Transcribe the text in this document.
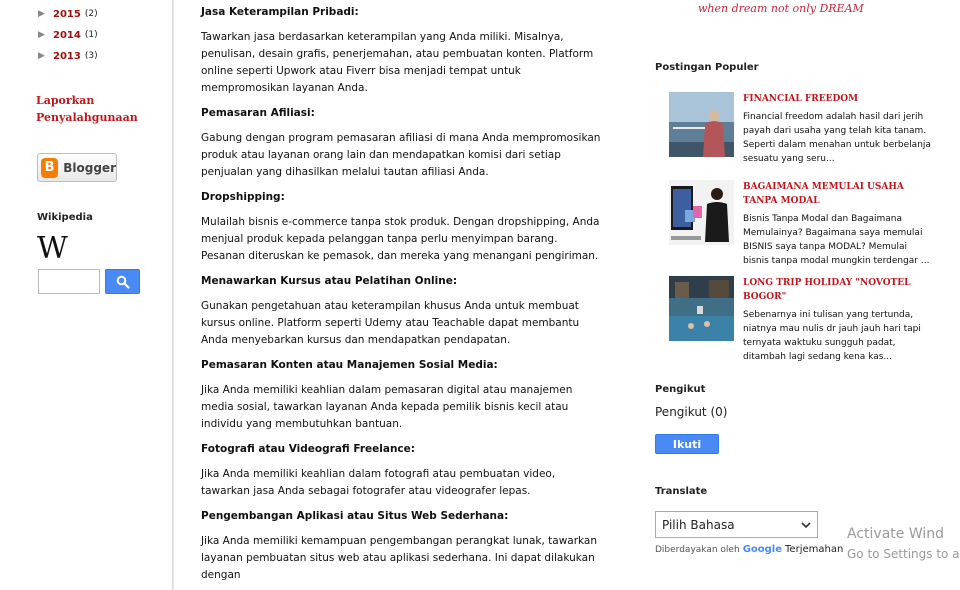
▶ 2015 (2)
▶ 2014 (1)
▶ 2013 (3)
Laporkan Penyalahgunaan
B Blogger
Wikipedia
W
Jasa Keterampilan Pribadi:

Tawarkan jasa berdasarkan keterampilan yang Anda miliki. Misalnya, penulisan, desain grafis, penerjemahan, atau pembuatan konten. Platform online seperti Upwork atau Fiverr bisa menjadi tempat untuk mempromosikan layanan Anda.

Pemasaran Afiliasi:

Gabung dengan program pemasaran afiliasi di mana Anda mempromosikan produk atau layanan orang lain dan mendapatkan komisi dari setiap penjualan yang dihasilkan melalui tautan afiliasi Anda.

Dropshipping:

Mulailah bisnis e-commerce tanpa stok produk. Dengan dropshipping, Anda menjual produk kepada pelanggan tanpa perlu menyimpan barang. Pesanan diteruskan ke pemasok, dan mereka yang menangani pengiriman.

Menawarkan Kursus atau Pelatihan Online:

Gunakan pengetahuan atau keterampilan khusus Anda untuk membuat kursus online. Platform seperti Udemy atau Teachable dapat membantu Anda menyebarkan kursus dan mendapatkan pendapatan.

Pemasaran Konten atau Manajemen Sosial Media:

Jika Anda memiliki keahlian dalam pemasaran digital atau manajemen media sosial, tawarkan layanan Anda kepada pemilik bisnis kecil atau individu yang membutuhkan bantuan.

Fotografi atau Videografi Freelance:

Jika Anda memiliki keahlian dalam fotografi atau pembuatan video, tawarkan jasa Anda sebagai fotografer atau videografer lepas.

Pengembangan Aplikasi atau Situs Web Sederhana:

Jika Anda memiliki kemampuan pengembangan perangkat lunak, tawarkan layanan pembuatan situs web atau aplikasi sederhana. Ini dapat dilakukan dengan

when dream not only DREAM
Postingan Populer
FINANCIAL FREEDOM
Financial freedom adalah hasil dari jerih payah dari usaha yang telah kita tanam. Seperti dalam menahan untuk berbelanja sesuatu yang seru...
BAGAIMANA MEMULAI USAHA TANPA MODAL
Bisnis Tanpa Modal dan Bagaimana Memulainya? Bagaimana saya memulai BISNIS saya tanpa MODAL? Memulai bisnis tanpa modal mungkin terdengar ...
LONG TRIP HOLIDAY "NOVOTEL BOGOR"
Sebenarnya ini tulisan yang tertunda, niatnya mau nulis dr jauh jauh hari tapi ternyata waktuku sungguh padat, ditambah lagi sedang kena kas...
Pengikut
Pengikut (0)
Ikuti
Translate
Pilih Bahasa
Diberdayakan oleh Google Terjemahan
Activate Wind
Go to Settings to a
